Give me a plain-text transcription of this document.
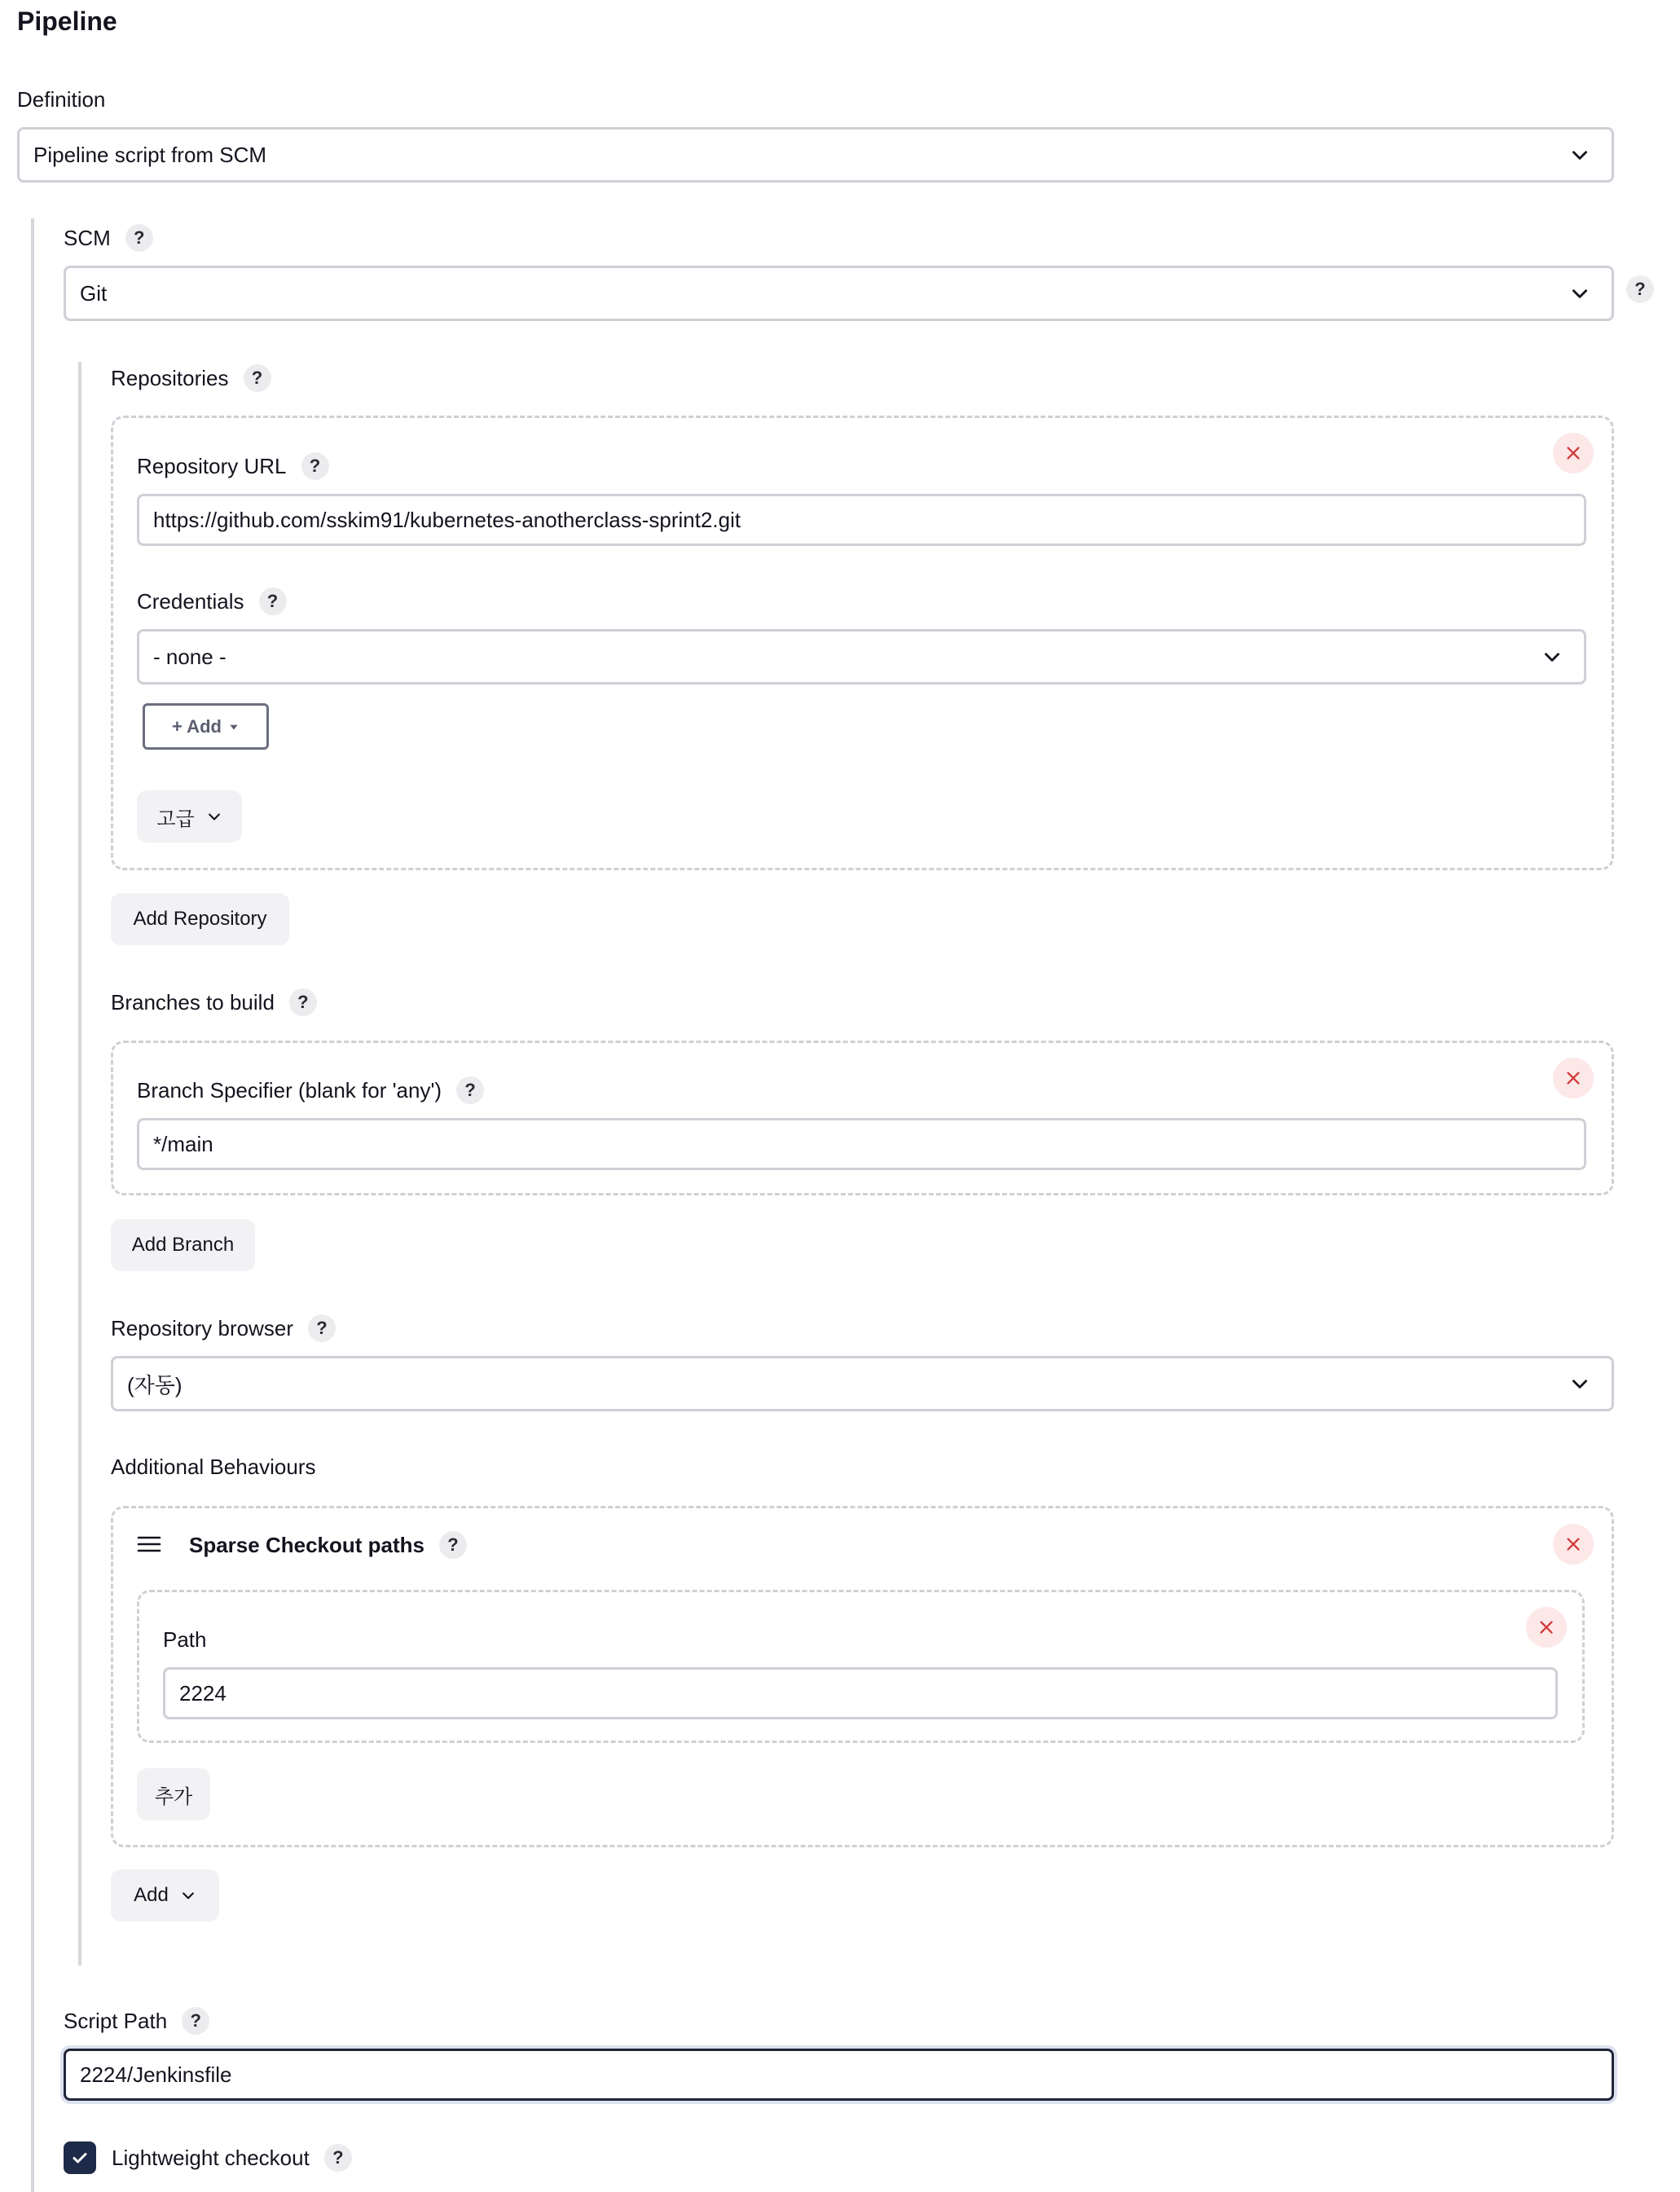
Pipeline
Definition
Pipeline script from SCM
SCM	?
Git	?
Repositories	?
Repository URL	?
https://github.com/sskim91/kubernetes-anotherclass-sprint2.git
Credentials	?
- none -
+ Add
고급
Add Repository
Branches to build	?
Branch Specifier (blank for 'any')	?
*/main
Add Branch
Repository browser	?
(자동)
Additional Behaviours
Sparse Checkout paths	?
Path
2224
추가
Add
Script Path	?
2224/Jenkinsfile
Lightweight checkout	?
